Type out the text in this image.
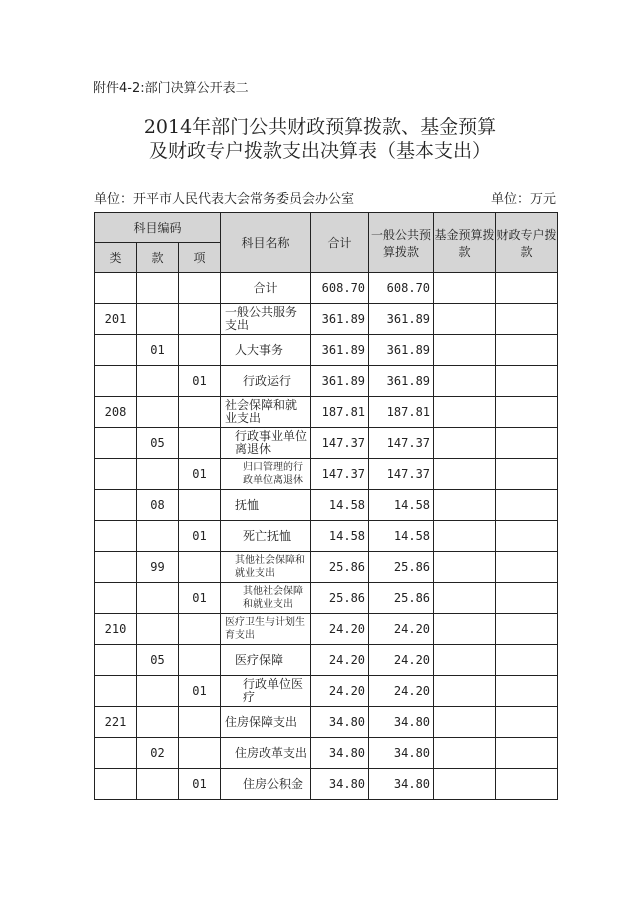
附件4-2:部门决算公开表二
2014年部门公共财政预算拨款、基金预算
及财政专户拨款支出决算表（基本支出）
单位：开平市人民代表大会常务委员会办公室	单位：万元
科目编码			科目名称	合计	一般公共预算拨款	基金预算拨款	财政专户拨款
类	款	项					
			合计	608.70	608.70		
201			一般公共服务支出	361.89	361.89		
	01		人大事务	361.89	361.89		
		01	行政运行	361.89	361.89		
208			社会保障和就业支出	187.81	187.81		
	05		行政事业单位离退休	147.37	147.37		
		01	归口管理的行政单位离退休	147.37	147.37		
	08		抚恤	14.58	14.58		
		01	死亡抚恤	14.58	14.58		
	99		其他社会保障和就业支出	25.86	25.86		
		01	其他社会保障和就业支出	25.86	25.86		
210			医疗卫生与计划生育支出	24.20	24.20		
	05		医疗保障	24.20	24.20		
		01	行政单位医疗	24.20	24.20		
221			住房保障支出	34.80	34.80		
	02		住房改革支出	34.80	34.80		
		01	住房公积金	34.80	34.80		
